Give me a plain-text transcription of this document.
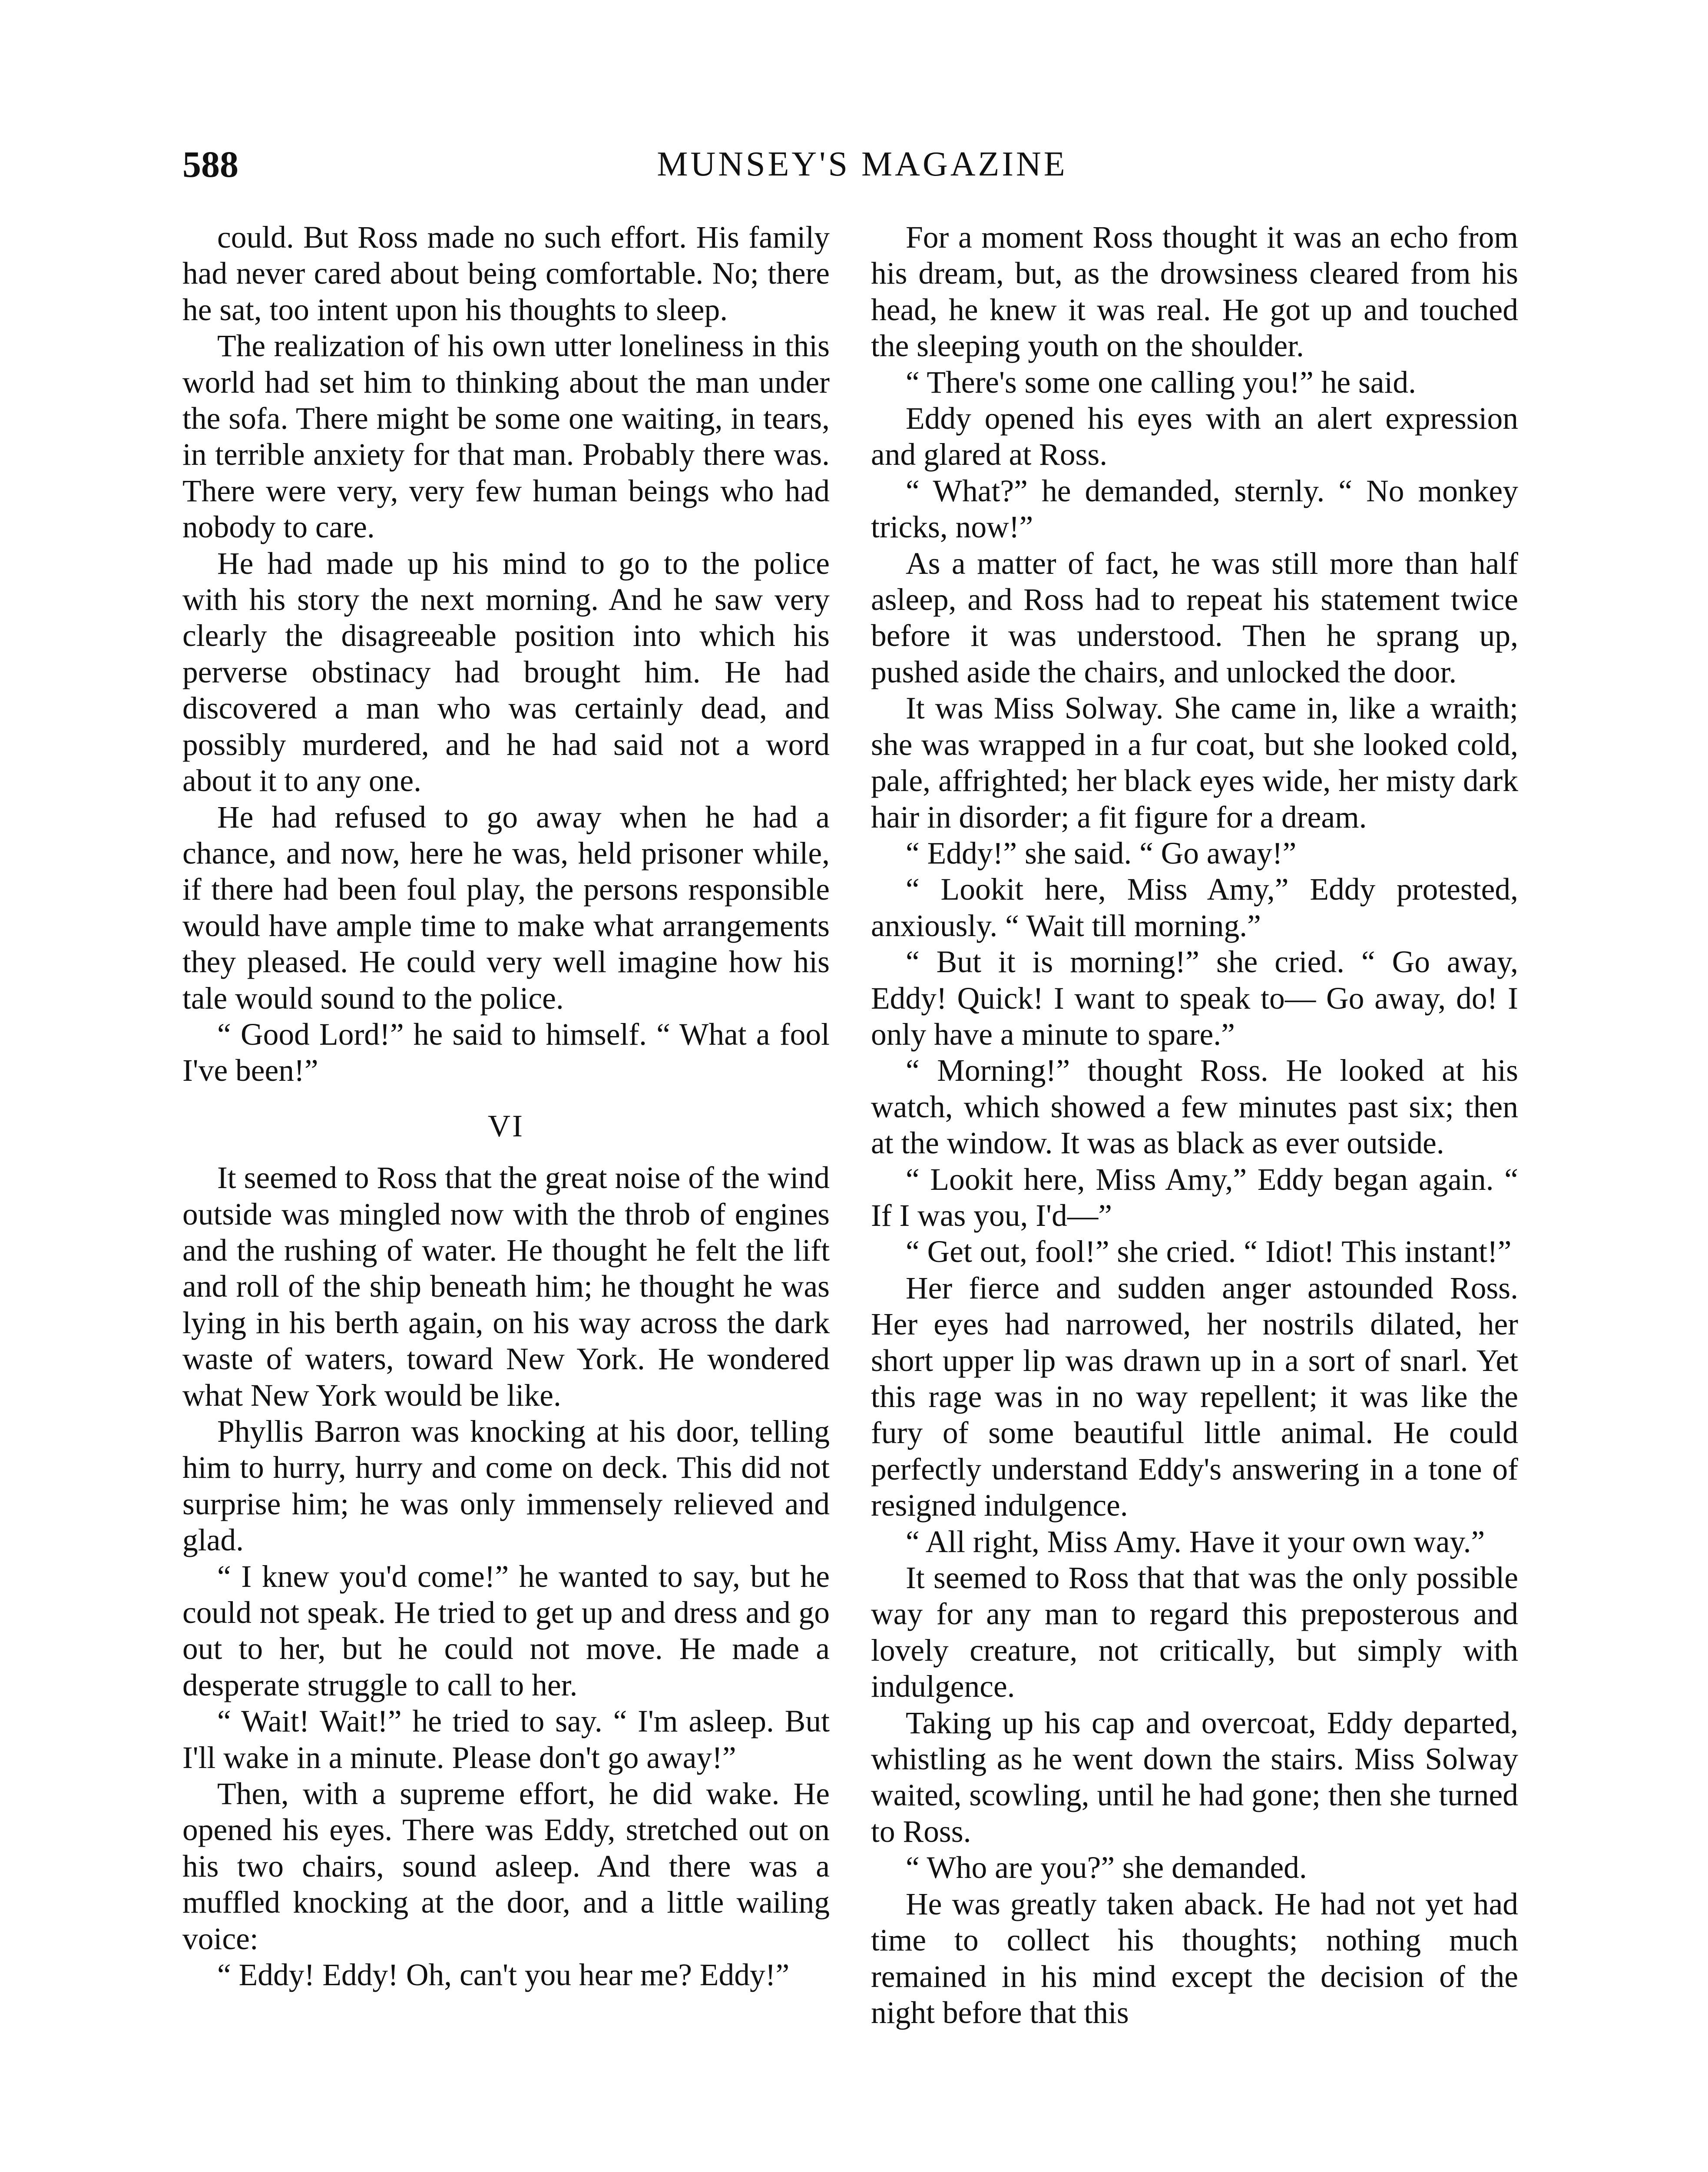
588	MUNSEY'S MAGAZINE

could. But Ross made no such effort. His family had never cared about being comfortable. No; there he sat, too intent upon his thoughts to sleep.

The realization of his own utter loneliness in this world had set him to thinking about the man under the sofa. There might be some one waiting, in tears, in terrible anxiety for that man. Probably there was. There were very, very few human beings who had nobody to care.

He had made up his mind to go to the police with his story the next morning. And he saw very clearly the disagreeable position into which his perverse obstinacy had brought him. He had discovered a man who was certainly dead, and possibly murdered, and he had said not a word about it to any one.

He had refused to go away when he had a chance, and now, here he was, held prisoner while, if there had been foul play, the persons responsible would have ample time to make what arrangements they pleased. He could very well imagine how his tale would sound to the police.

“ Good Lord!” he said to himself. “ What a fool I've been!”

VI

It seemed to Ross that the great noise of the wind outside was mingled now with the throb of engines and the rushing of water. He thought he felt the lift and roll of the ship beneath him; he thought he was lying in his berth again, on his way across the dark waste of waters, toward New York. He wondered what New York would be like.

Phyllis Barron was knocking at his door, telling him to hurry, hurry and come on deck. This did not surprise him; he was only immensely relieved and glad.

“ I knew you'd come!” he wanted to say, but he could not speak. He tried to get up and dress and go out to her, but he could not move. He made a desperate struggle to call to her.

“ Wait! Wait!” he tried to say. “ I'm asleep. But I'll wake in a minute. Please don't go away!”

Then, with a supreme effort, he did wake. He opened his eyes. There was Eddy, stretched out on his two chairs, sound asleep. And there was a muffled knocking at the door, and a little wailing voice:

“ Eddy! Eddy! Oh, can't you hear me? Eddy!”

For a moment Ross thought it was an echo from his dream, but, as the drowsiness cleared from his head, he knew it was real. He got up and touched the sleeping youth on the shoulder.

“ There's some one calling you!” he said.

Eddy opened his eyes with an alert expression and glared at Ross.

“ What?” he demanded, sternly. “ No monkey tricks, now!”

As a matter of fact, he was still more than half asleep, and Ross had to repeat his statement twice before it was understood. Then he sprang up, pushed aside the chairs, and unlocked the door.

It was Miss Solway. She came in, like a wraith; she was wrapped in a fur coat, but she looked cold, pale, affrighted; her black eyes wide, her misty dark hair in disorder; a fit figure for a dream.

“ Eddy!” she said. “ Go away!”

“ Lookit here, Miss Amy,” Eddy protested, anxiously. “ Wait till morning.”

“ But it is morning!” she cried. “ Go away, Eddy! Quick! I want to speak to— Go away, do! I only have a minute to spare.”

“ Morning!” thought Ross. He looked at his watch, which showed a few minutes past six; then at the window. It was as black as ever outside.

“ Lookit here, Miss Amy,” Eddy began again. “ If I was you, I'd—”

“ Get out, fool!” she cried. “ Idiot! This instant!”

Her fierce and sudden anger astounded Ross. Her eyes had narrowed, her nostrils dilated, her short upper lip was drawn up in a sort of snarl. Yet this rage was in no way repellent; it was like the fury of some beautiful little animal. He could perfectly understand Eddy's answering in a tone of resigned indulgence.

“ All right, Miss Amy. Have it your own way.”

It seemed to Ross that that was the only possible way for any man to regard this preposterous and lovely creature, not critically, but simply with indulgence.

Taking up his cap and overcoat, Eddy departed, whistling as he went down the stairs. Miss Solway waited, scowling, until he had gone; then she turned to Ross.

“ Who are you?” she demanded.

He was greatly taken aback. He had not yet had time to collect his thoughts; nothing much remained in his mind except the decision of the night before that this
